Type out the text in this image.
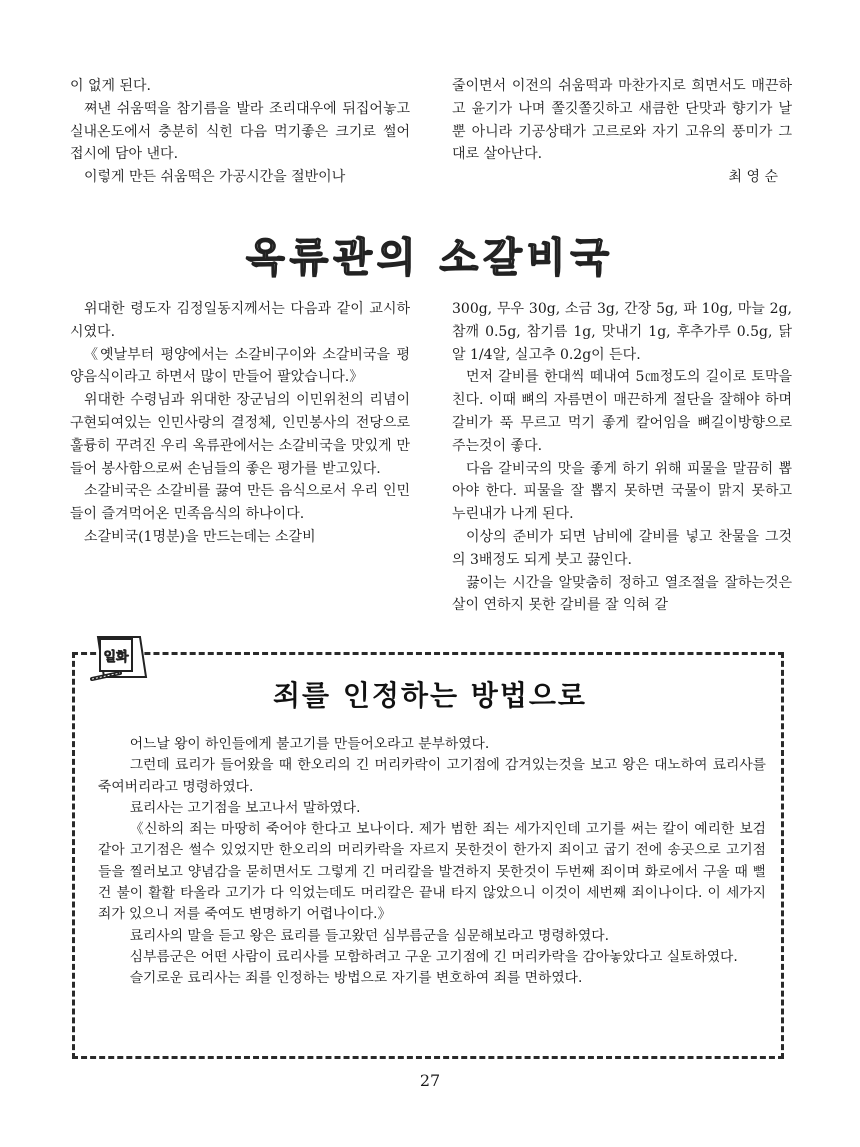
이 없게 된다.

쪄낸 쉬움떡을 참기름을 발라 조리대우에 뒤집어놓고 실내온도에서 충분히 식힌 다음 먹기좋은 크기로 썰어 접시에 담아 낸다.

이렇게 만든 쉬움떡은 가공시간을 절반이나

줄이면서 이전의 쉬움떡과 마찬가지로 희면서도 매끈하고 윤기가 나며 쫄깃쫄깃하고 새큼한 단맛과 향기가 날뿐 아니라 기공상태가 고르로와 자기 고유의 풍미가 그대로 살아난다.

최 영 순

옥류관의 소갈비국

위대한 령도자 김정일동지께서는 다음과 같이 교시하시였다.

《옛날부터 평양에서는 소갈비구이와 소갈비국을 평양음식이라고 하면서 많이 만들어 팔았습니다.》

위대한 수령님과 위대한 장군님의 이민위천의 리념이 구현되여있는 인민사랑의 결정체, 인민봉사의 전당으로 훌륭히 꾸려진 우리 옥류관에서는 소갈비국을 맛있게 만들어 봉사함으로써 손님들의 좋은 평가를 받고있다.

소갈비국은 소갈비를 끓여 만든 음식으로서 우리 인민들이 즐겨먹어온 민족음식의 하나이다.

소갈비국(1명분)을 만드는데는 소갈비

300g, 무우 30g, 소금 3g, 간장 5g, 파 10g, 마늘 2g, 참깨 0.5g, 참기름 1g, 맛내기 1g, 후추가루 0.5g, 닭알 1/4알, 실고추 0.2g이 든다.

먼저 갈비를 한대씩 떼내여 5㎝정도의 길이로 토막을 친다. 이때 뼈의 자름면이 매끈하게 절단을 잘해야 하며 갈비가 푹 무르고 먹기 좋게 칼어임을 뼈길이방향으로 주는것이 좋다.

다음 갈비국의 맛을 좋게 하기 위해 피물을 말끔히 뽑아야 한다. 피물을 잘 뽑지 못하면 국물이 맑지 못하고 누린내가 나게 된다.

이상의 준비가 되면 남비에 갈비를 넣고 찬물을 그것의 3배정도 되게 붓고 끓인다.

끓이는 시간을 알맞춤히 정하고 열조절을 잘하는것은 살이 연하지 못한 갈비를 잘 익혀 갈

일화
죄를 인정하는 방법으로

어느날 왕이 하인들에게 불고기를 만들어오라고 분부하였다.

그런데 료리가 들어왔을 때 한오리의 긴 머리카락이 고기점에 감겨있는것을 보고 왕은 대노하여 료리사를 죽여버리라고 명령하였다.

료리사는 고기점을 보고나서 말하였다.

《신하의 죄는 마땅히 죽어야 한다고 보나이다. 제가 범한 죄는 세가지인데 고기를 써는 칼이 예리한 보검같아 고기점은 썰수 있었지만 한오리의 머리카락을 자르지 못한것이 한가지 죄이고 굽기 전에 송곳으로 고기점들을 찔러보고 양념감을 묻히면서도 그렇게 긴 머리칼을 발견하지 못한것이 두번째 죄이며 화로에서 구울 때 뻘건 불이 활활 타올라 고기가 다 익었는데도 머리칼은 끝내 타지 않았으니 이것이 세번째 죄이나이다. 이 세가지 죄가 있으니 저를 죽여도 변명하기 어렵나이다.》

료리사의 말을 듣고 왕은 료리를 들고왔던 심부름군을 심문해보라고 명령하였다.

심부름군은 어떤 사람이 료리사를 모함하려고 구운 고기점에 긴 머리카락을 감아놓았다고 실토하였다.

슬기로운 료리사는 죄를 인정하는 방법으로 자기를 변호하여 죄를 면하였다.

27
